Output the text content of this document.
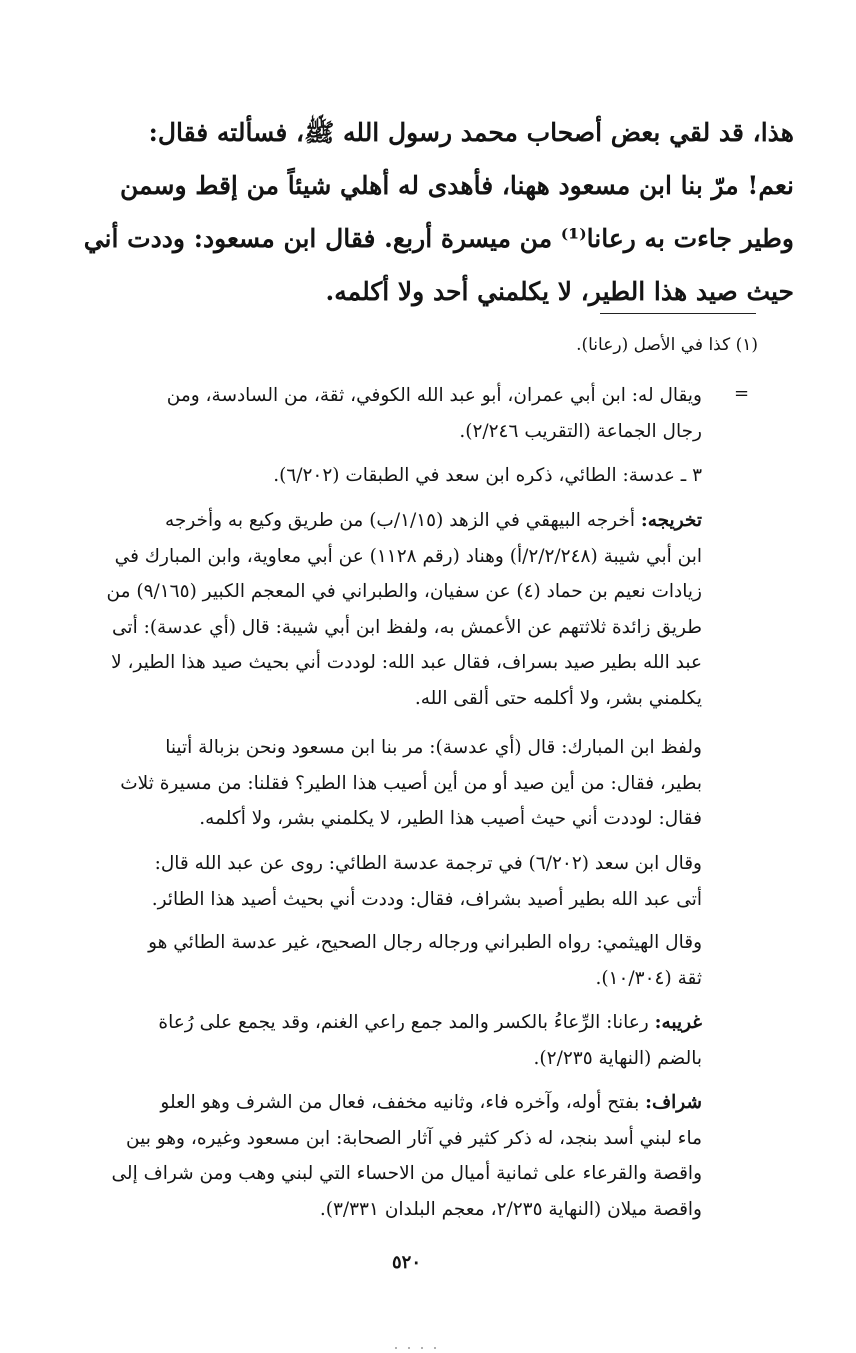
هذا، قد لقي بعض أصحاب محمد رسول الله ﷺ، فسألته فقال:
نعم! مرّ بنا ابن مسعود ههنا، فأهدى له أهلي شيئاً من إقط وسمن
وطير جاءت به رعانا⁽¹⁾ من ميسرة أربع. فقال ابن مسعود: وددت أني
حيث صيد هذا الطير، لا يكلمني أحد ولا أكلمه.
(١) كذا في الأصل (رعانا).
=
ويقال له: ابن أبي عمران، أبو عبد الله الكوفي، ثقة، من السادسة، ومن
رجال الجماعة (التقريب ٢/٢٤٦).
٣ ـ عدسة: الطائي، ذكره ابن سعد في الطبقات (٦/٢٠٢).
تخريجه: أخرجه البيهقي في الزهد (١/١٥/ب) من طريق وكيع به وأخرجه
ابن أبي شيبة (٢/٢/٢٤٨/أ) وهناد (رقم ١١٢٨) عن أبي معاوية، وابن المبارك في
زيادات نعيم بن حماد (٤) عن سفيان، والطبراني في المعجم الكبير (٩/١٦٥) من
طريق زائدة ثلاثتهم عن الأعمش به، ولفظ ابن أبي شيبة: قال (أي عدسة): أتى
عبد الله بطير صيد بسراف، فقال عبد الله: لوددت أني بحيث صيد هذا الطير، لا
يكلمني بشر، ولا أكلمه حتى ألقى الله.
ولفظ ابن المبارك: قال (أي عدسة): مر بنا ابن مسعود ونحن بزبالة أتينا
بطير، فقال: من أين صيد أو من أين أصيب هذا الطير؟ فقلنا: من مسيرة ثلاث
فقال: لوددت أني حيث أصيب هذا الطير، لا يكلمني بشر، ولا أكلمه.
وقال ابن سعد (٦/٢٠٢) في ترجمة عدسة الطائي: روى عن عبد الله قال:
أتى عبد الله بطير أصيد بشراف، فقال: وددت أني بحيث أصيد هذا الطائر.
وقال الهيثمي: رواه الطبراني ورجاله رجال الصحيح، غير عدسة الطائي هو
ثقة (١٠/٣٠٤).
غريبه: رعانا: الرِّعاءُ بالكسر والمد جمع راعي الغنم، وقد يجمع على رُعاة
بالضم (النهاية ٢/٢٣٥).
شراف: بفتح أوله، وآخره فاء، وثانيه مخفف، فعال من الشرف وهو العلو
ماء لبني أسد بنجد، له ذكر كثير في آثار الصحابة: ابن مسعود وغيره، وهو بين
واقصة والقرعاء على ثمانية أميال من الاحساء التي لبني وهب ومن شراف إلى
واقصة ميلان (النهاية ٢/٢٣٥، معجم البلدان ٣/٣٣١).
٥٢٠
